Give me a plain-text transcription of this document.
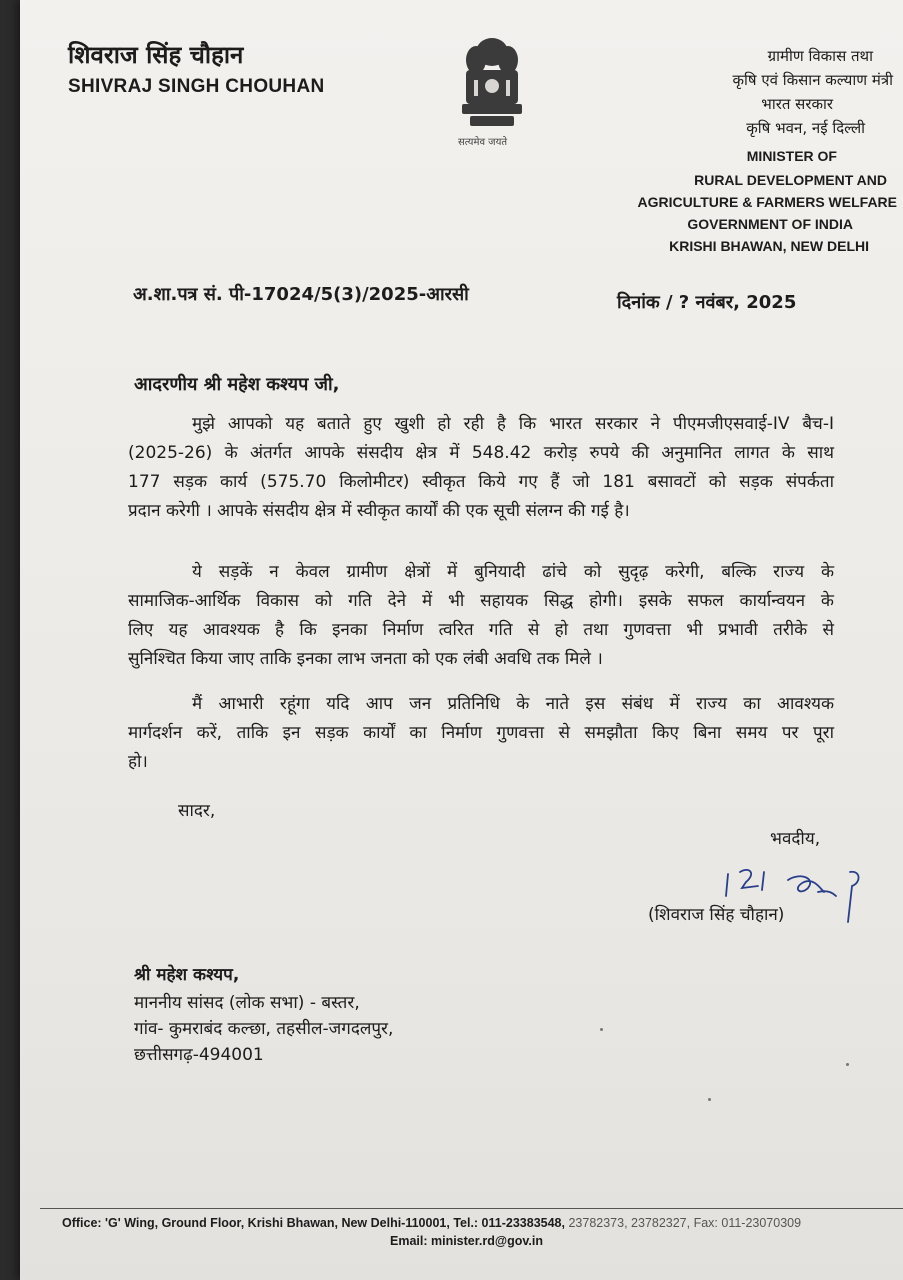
शिवराज सिंह चौहान
SHIVRAJ SINGH CHOUHAN
सत्यमेव जयते
ग्रामीण विकास तथा
कृषि एवं किसान कल्याण मंत्री
भारत सरकार
कृषि भवन, नई दिल्ली
MINISTER OF
RURAL DEVELOPMENT AND
AGRICULTURE & FARMERS WELFARE
GOVERNMENT OF INDIA
KRISHI BHAWAN, NEW DELHI
अ.शा.पत्र सं. पी-17024/5(3)/2025-आरसी	दिनांक / ? नवंबर, 2025
आदरणीय श्री महेश कश्यप जी,
मुझे आपको यह बताते हुए खुशी हो रही है कि भारत सरकार ने पीएमजीएसवाई-IV बैच-I
(2025-26) के अंतर्गत आपके संसदीय क्षेत्र में 548.42 करोड़ रुपये की अनुमानित लागत के साथ
177 सड़क कार्य (575.70 किलोमीटर) स्वीकृत किये गए हैं जो 181 बसावटों को सड़क संपर्कता
प्रदान करेगी । आपके संसदीय क्षेत्र में स्वीकृत कार्यों की एक सूची संलग्न की गई है।
ये सड़कें न केवल ग्रामीण क्षेत्रों में बुनियादी ढांचे को सुदृढ़ करेगी, बल्कि राज्य के
सामाजिक-आर्थिक विकास को गति देने में भी सहायक सिद्ध होगी। इसके सफल कार्यान्वयन के
लिए यह आवश्यक है कि इनका निर्माण त्वरित गति से हो तथा गुणवत्ता भी प्रभावी तरीके से
सुनिश्चित किया जाए ताकि इनका लाभ जनता को एक लंबी अवधि तक मिले ।
मैं आभारी रहूंगा यदि आप जन प्रतिनिधि के नाते इस संबंध में राज्य का आवश्यक
मार्गदर्शन करें, ताकि इन सड़क कार्यों का निर्माण गुणवत्ता से समझौता किए बिना समय पर पूरा
हो।
सादर,
भवदीय,
(शिवराज सिंह चौहान)
श्री महेश कश्यप,
माननीय सांसद (लोक सभा) - बस्तर,
गांव- कुमराबंद कल्छा, तहसील-जगदलपुर,
छत्तीसगढ़-494001
Office: 'G' Wing, Ground Floor, Krishi Bhawan, New Delhi-110001, Tel.: 011-23383548, 23782373, 23782327, Fax: 011-23070309
Email: minister.rd@gov.in
